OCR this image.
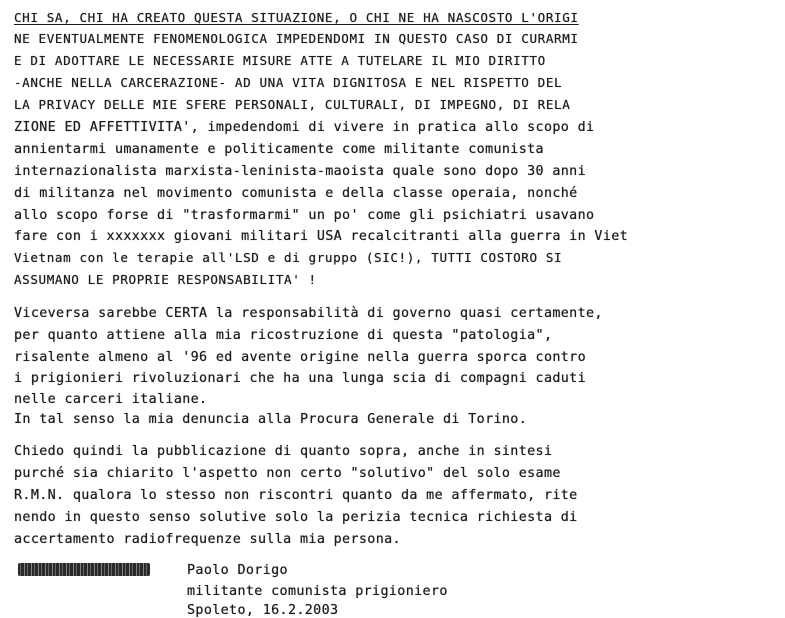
CHI SA, CHI HA CREATO QUESTA SITUAZIONE, O CHI NE HA NASCOSTO L'ORIGI
NE EVENTUALMENTE FENOMENOLOGICA IMPEDENDOMI IN QUESTO CASO DI CURARMI
E DI ADOTTARE LE NECESSARIE MISURE ATTE A TUTELARE IL MIO DIRITTO
-ANCHE NELLA CARCERAZIONE- AD UNA VITA DIGNITOSA E NEL RISPETTO DEL
LA PRIVACY DELLE MIE SFERE PERSONALI, CULTURALI, DI IMPEGNO, DI RELA
ZIONE ED AFFETTIVITA', impedendomi di vivere in pratica allo scopo di
annientarmi umanamente e politicamente come militante comunista
internazionalista marxista-leninista-maoista quale sono dopo 30 anni
di militanza nel movimento comunista e della classe operaia, nonché
allo scopo forse di "trasformarmi" un po' come gli psichiatri usavano
fare con i xxxxxxx giovani militari USA recalcitranti alla guerra in Viet
Vietnam con le terapie all'LSD e di gruppo (SIC!), TUTTI COSTORO SI
ASSUMANO LE PROPRIE RESPONSABILITA' !
Viceversa sarebbe CERTA la responsabilità di governo quasi certamente,
per quanto attiene alla mia ricostruzione di questa "patologia",
risalente almeno al '96 ed avente origine nella guerra sporca contro
i prigionieri rivoluzionari che ha una lunga scia di compagni caduti
nelle carceri italiane.
In tal senso la mia denuncia alla Procura Generale di Torino.
Chiedo quindi la pubblicazione di quanto sopra, anche in sintesi
purché sia chiarito l'aspetto non certo "solutivo" del solo esame
R.M.N. qualora lo stesso non riscontri quanto da me affermato, rite
nendo in questo senso solutive solo la perizia tecnica richiesta di
accertamento radiofrequenze sulla mia persona.
Paolo Dorigo
militante comunista prigioniero
Spoleto, 16.2.2003
